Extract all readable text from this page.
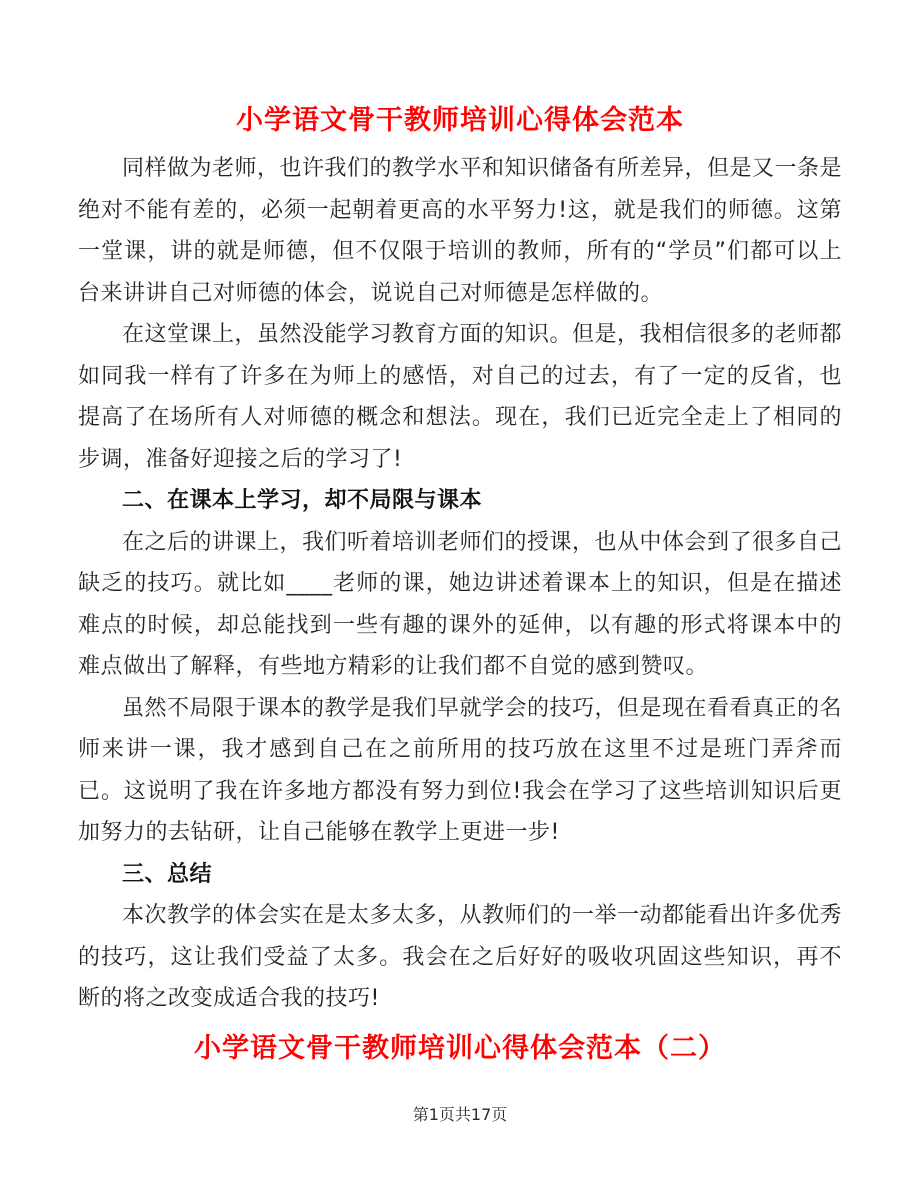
小学语文骨干教师培训心得体会范本

同样做为老师，也许我们的教学水平和知识储备有所差异，但是又一条是绝对不能有差的，必须一起朝着更高的水平努力!这，就是我们的师德。这第一堂课，讲的就是师德，但不仅限于培训的教师，所有的“学员”们都可以上台来讲讲自己对师德的体会，说说自己对师德是怎样做的。

在这堂课上，虽然没能学习教育方面的知识。但是，我相信很多的老师都如同我一样有了许多在为师上的感悟，对自己的过去，有了一定的反省，也提高了在场所有人对师德的概念和想法。现在，我们已近完全走上了相同的步调，准备好迎接之后的学习了!

二、在课本上学习，却不局限与课本

在之后的讲课上，我们听着培训老师们的授课，也从中体会到了很多自己缺乏的技巧。就比如____老师的课，她边讲述着课本上的知识，但是在描述难点的时候，却总能找到一些有趣的课外的延伸，以有趣的形式将课本中的难点做出了解释，有些地方精彩的让我们都不自觉的感到赞叹。

虽然不局限于课本的教学是我们早就学会的技巧，但是现在看看真正的名师来讲一课，我才感到自己在之前所用的技巧放在这里不过是班门弄斧而已。这说明了我在许多地方都没有努力到位!我会在学习了这些培训知识后更加努力的去钻研，让自己能够在教学上更进一步!

三、总结

本次教学的体会实在是太多太多，从教师们的一举一动都能看出许多优秀的技巧，这让我们受益了太多。我会在之后好好的吸收巩固这些知识，再不断的将之改变成适合我的技巧!

小学语文骨干教师培训心得体会范本（二）
第1页共17页
